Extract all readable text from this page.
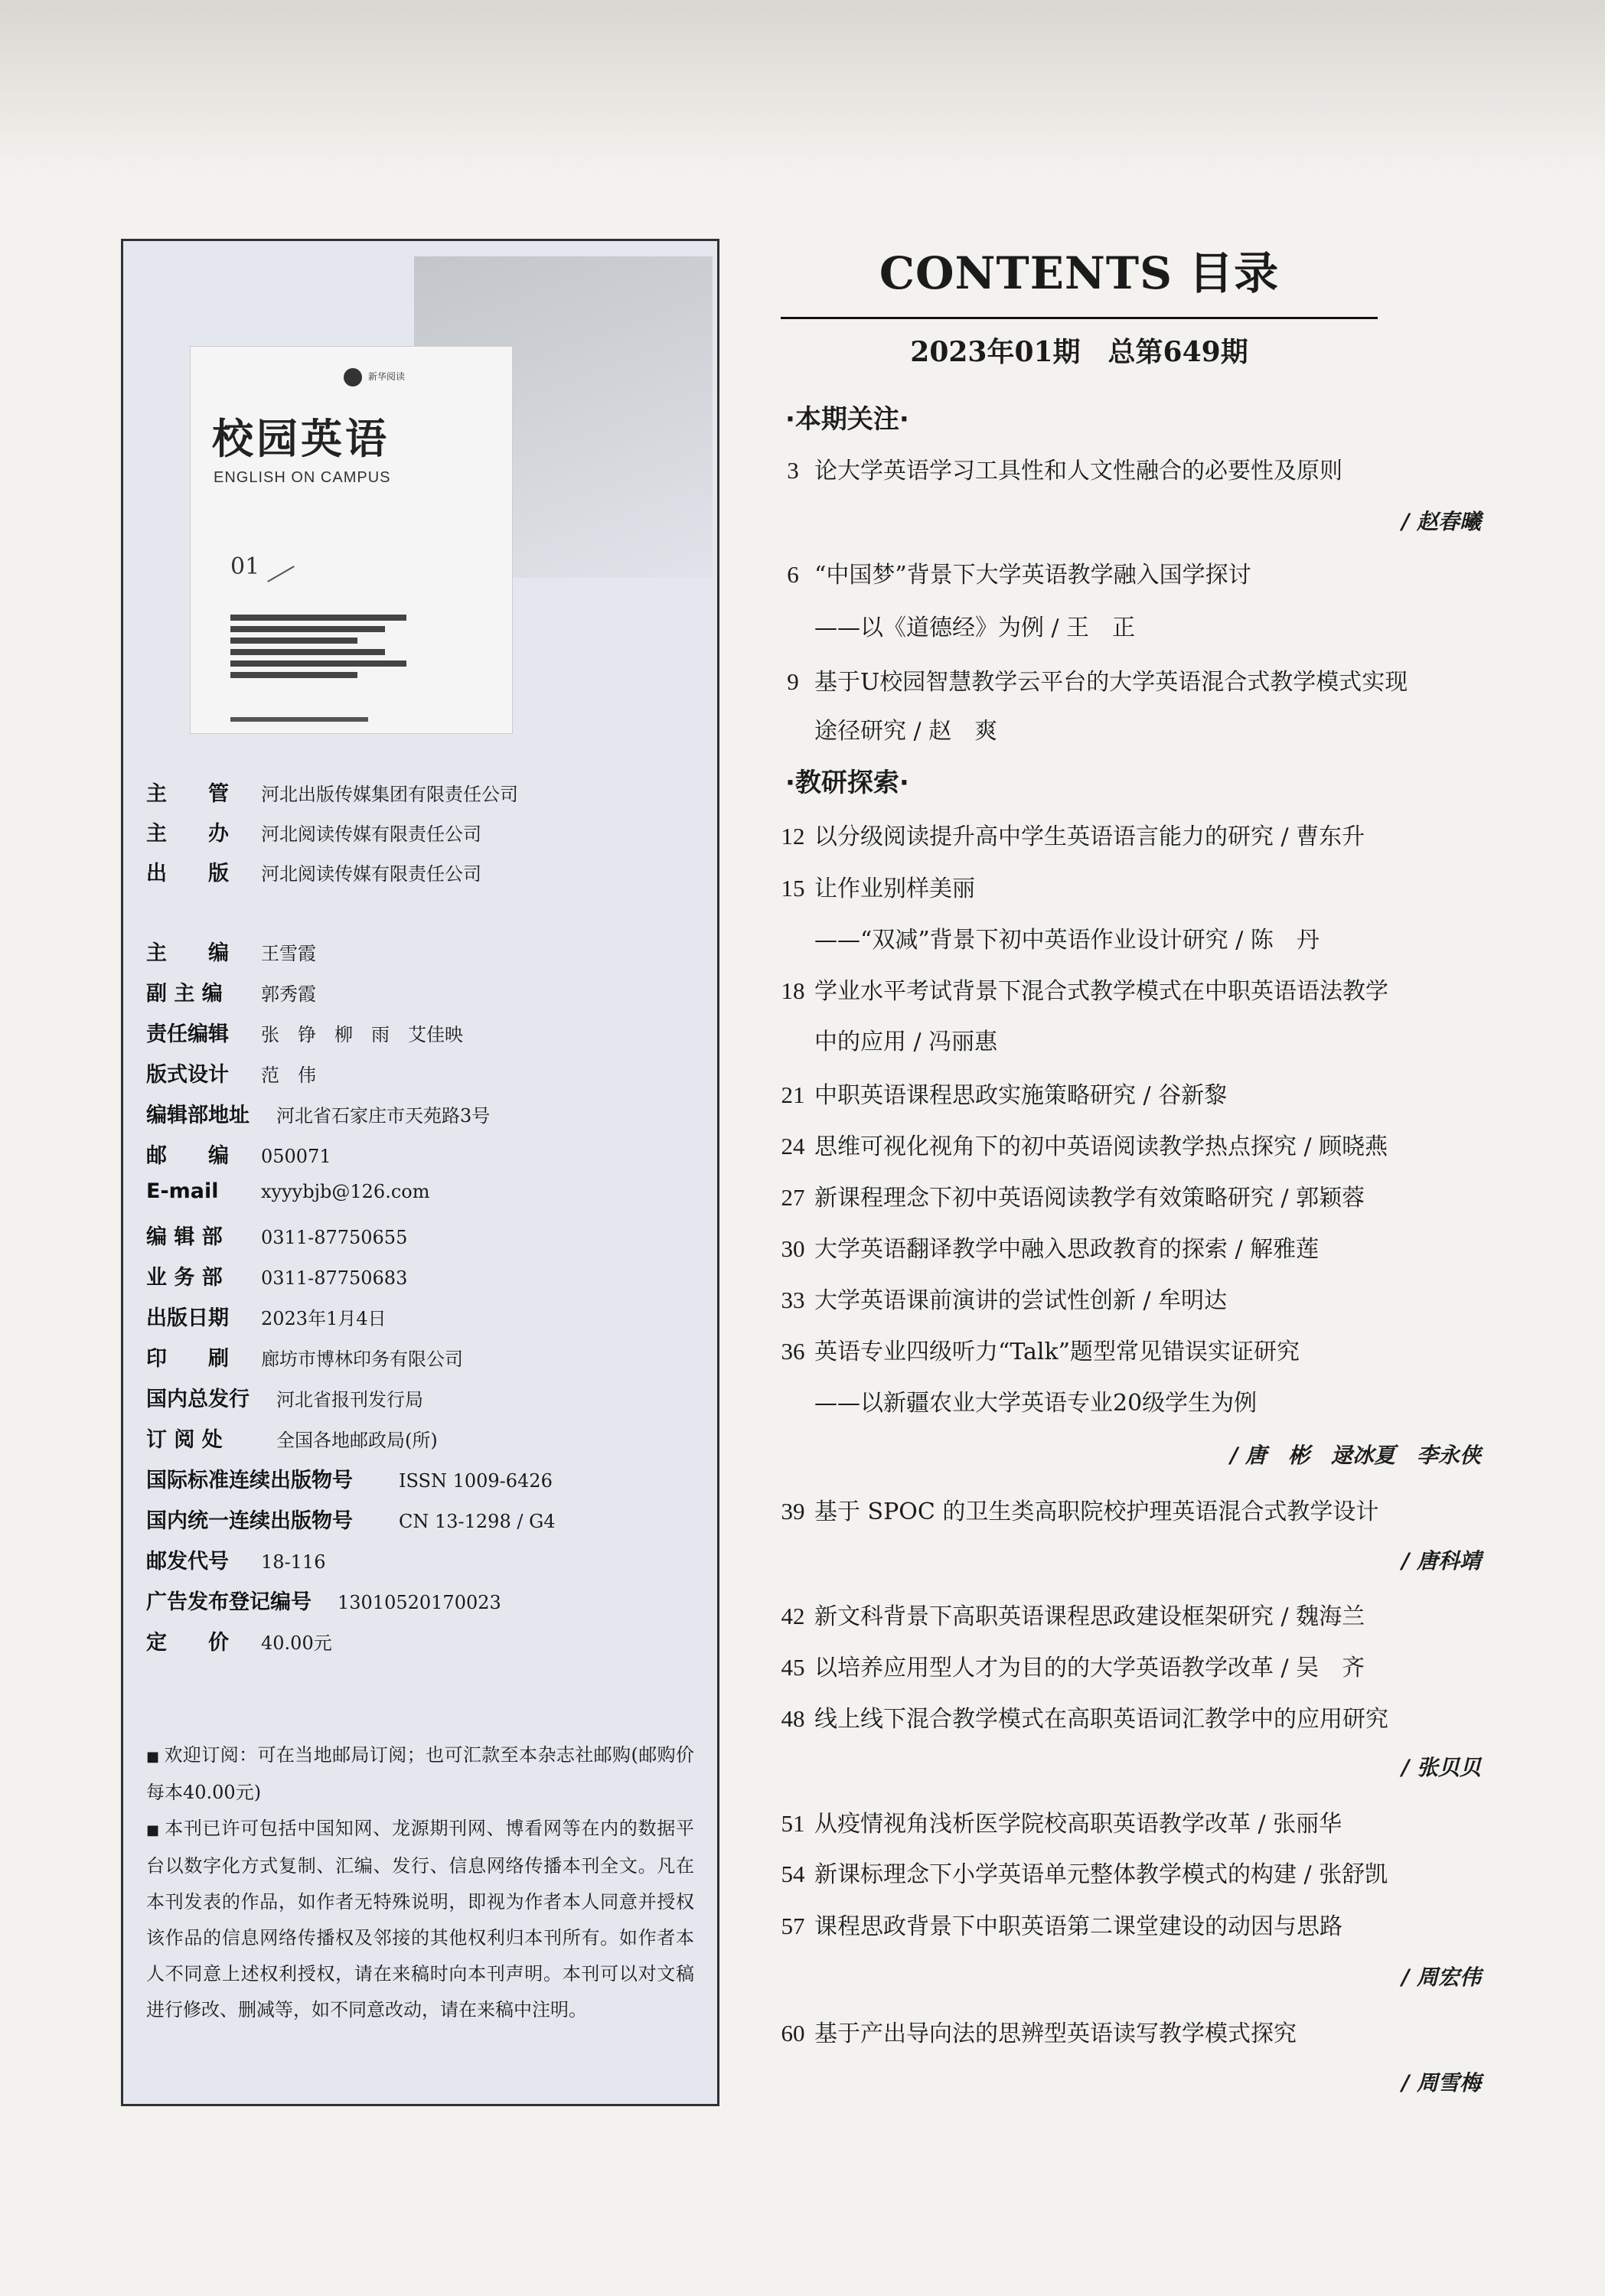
新华阅读
校园英语
ENGLISH ON CAMPUS
01
主　　管 河北出版传媒集团有限责任公司
主　　办 河北阅读传媒有限责任公司
出　　版 河北阅读传媒有限责任公司
主　　编 王雪霞
副 主 编 郭秀霞
责任编辑 张　铮　柳　雨　艾佳映
版式设计 范　伟
编辑部地址 河北省石家庄市天苑路3号
邮　　编 050071
E-mail xyyybjb@126.com
编 辑 部 0311-87750655
业 务 部 0311-87750683
出版日期 2023年1月4日
印　　刷 廊坊市博林印务有限公司
国内总发行 河北省报刊发行局
订 阅 处	全国各地邮政局(所)
国际标准连续出版物号	ISSN 1009-6426
国内统一连续出版物号	CN 13-1298 / G4
邮发代号 18-116
广告发布登记编号 13010520170023
定　　价 40.00元

■ 欢迎订阅：可在当地邮局订阅；也可汇款至本杂志社邮购(邮购价每本40.00元)

■ 本刊已许可包括中国知网、龙源期刊网、博看网等在内的数据平台以数字化方式复制、汇编、发行、信息网络传播本刊全文。凡在本刊发表的作品，如作者无特殊说明，即视为作者本人同意并授权该作品的信息网络传播权及邻接的其他权利归本刊所有。如作者本人不同意上述权利授权，请在来稿时向本刊声明。本刊可以对文稿进行修改、删减等，如不同意改动，请在来稿中注明。

CONTENTS 目录
2023年01期　总第649期
·本期关注·
3 论大学英语学习工具性和人文性融合的必要性及原则
/ 赵春曦
6 “中国梦”背景下大学英语教学融入国学探讨
——以《道德经》为例 / 王　正
9 基于U校园智慧教学云平台的大学英语混合式教学模式实现
途径研究 / 赵　爽
·教研探索·
12 以分级阅读提升高中学生英语语言能力的研究 / 曹东升
15 让作业别样美丽
——“双减”背景下初中英语作业设计研究 / 陈　丹
18 学业水平考试背景下混合式教学模式在中职英语语法教学
中的应用 / 冯丽惠
21 中职英语课程思政实施策略研究 / 谷新黎
24 思维可视化视角下的初中英语阅读教学热点探究 / 顾晓燕
27 新课程理念下初中英语阅读教学有效策略研究 / 郭颖蓉
30 大学英语翻译教学中融入思政教育的探索 / 解雅莲
33 大学英语课前演讲的尝试性创新 / 牟明达
36 英语专业四级听力“Talk”题型常见错误实证研究
——以新疆农业大学英语专业20级学生为例
/ 唐　彬　逯冰夏　李永侠
39 基于 SPOC 的卫生类高职院校护理英语混合式教学设计
/ 唐科靖
42 新文科背景下高职英语课程思政建设框架研究 / 魏海兰
45 以培养应用型人才为目的的大学英语教学改革 / 吴　齐
48 线上线下混合教学模式在高职英语词汇教学中的应用研究
/ 张贝贝
51 从疫情视角浅析医学院校高职英语教学改革 / 张丽华
54 新课标理念下小学英语单元整体教学模式的构建 / 张舒凯
57 课程思政背景下中职英语第二课堂建设的动因与思路
/ 周宏伟
60 基于产出导向法的思辨型英语读写教学模式探究
/ 周雪梅
